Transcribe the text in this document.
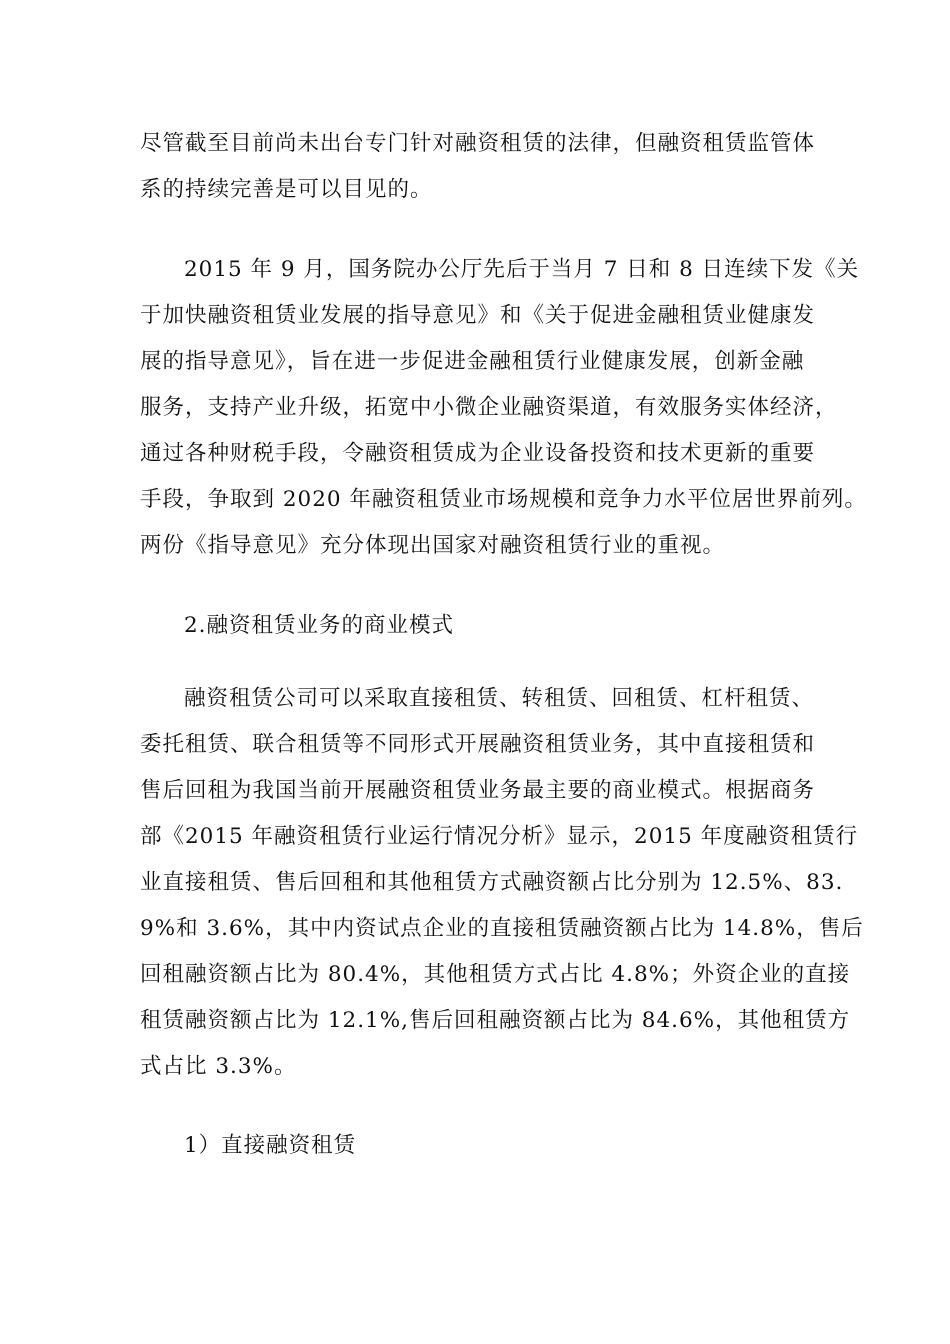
尽管截至目前尚未出台专门针对融资租赁的法律，但融资租赁监管体
系的持续完善是可以目见的。
2015 年 9 月，国务院办公厅先后于当月 7 日和 8 日连续下发《关
于加快融资租赁业发展的指导意见》和《关于促进金融租赁业健康发
展的指导意见》，旨在进一步促进金融租赁行业健康发展，创新金融
服务，支持产业升级，拓宽中小微企业融资渠道，有效服务实体经济，
通过各种财税手段，令融资租赁成为企业设备投资和技术更新的重要
手段，争取到 2020 年融资租赁业市场规模和竞争力水平位居世界前列。
两份《指导意见》充分体现出国家对融资租赁行业的重视。
2.融资租赁业务的商业模式
融资租赁公司可以采取直接租赁、转租赁、回租赁、杠杆租赁、
委托租赁、联合租赁等不同形式开展融资租赁业务，其中直接租赁和
售后回租为我国当前开展融资租赁业务最主要的商业模式。根据商务
部《2015 年融资租赁行业运行情况分析》显示，2015 年度融资租赁行
业直接租赁、售后回租和其他租赁方式融资额占比分别为 12.5%、83.
9%和 3.6%，其中内资试点企业的直接租赁融资额占比为 14.8%，售后
回租融资额占比为 80.4%，其他租赁方式占比 4.8%；外资企业的直接
租赁融资额占比为 12.1%,售后回租融资额占比为 84.6%，其他租赁方
式占比 3.3%。
1）直接融资租赁
